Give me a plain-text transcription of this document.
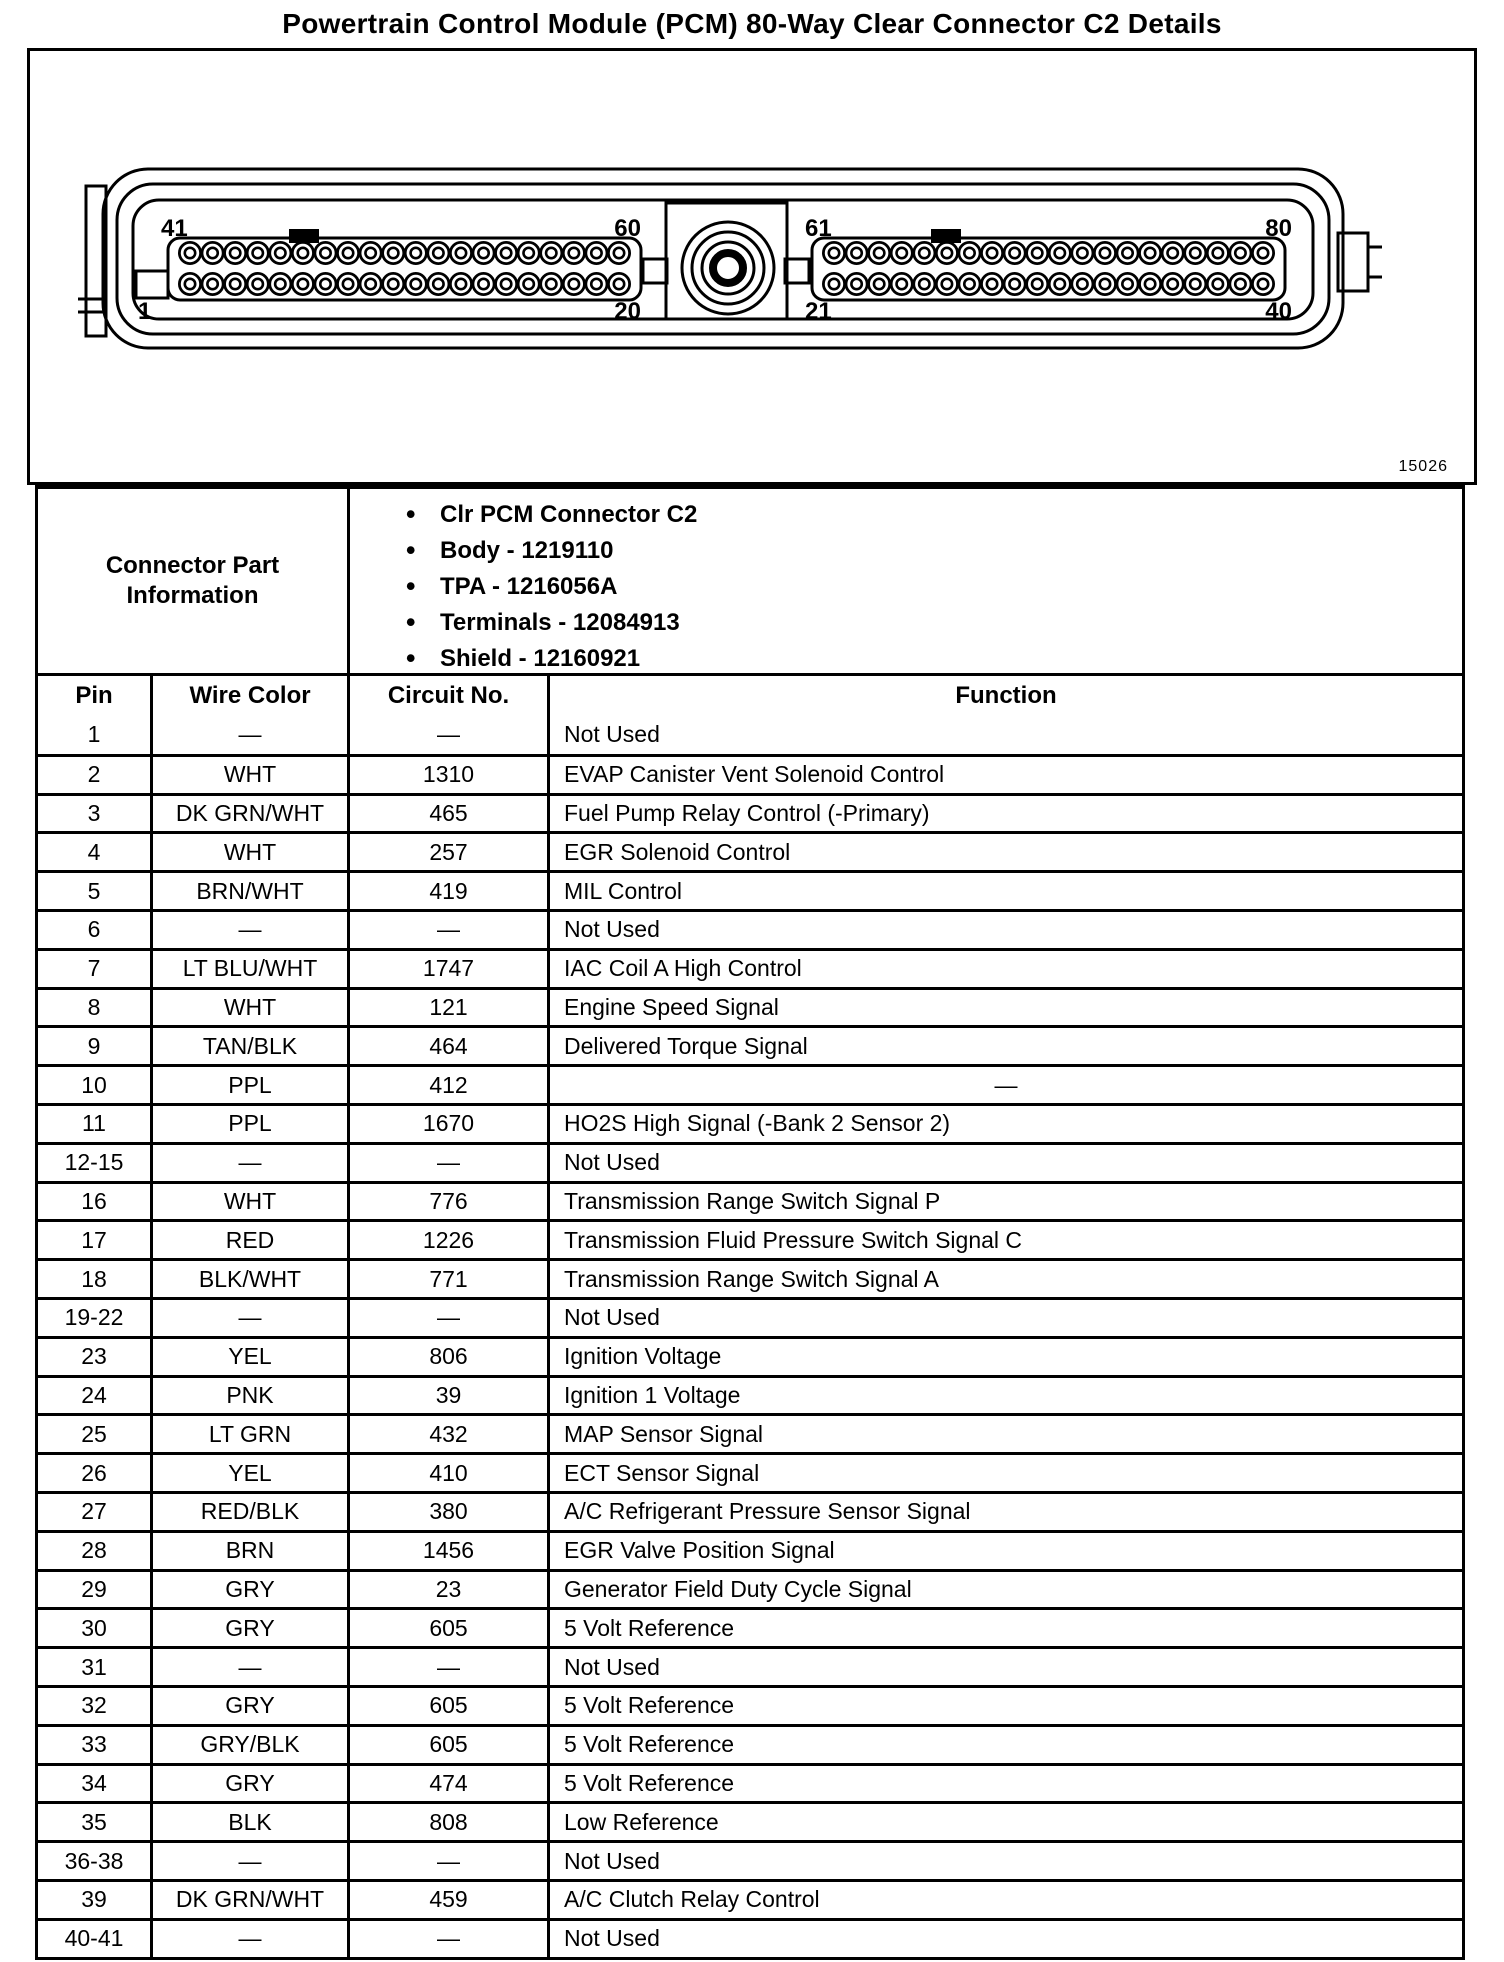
Powertrain Control Module (PCM) 80-Way Clear Connector C2 Details
41	60
1	20
61	80
21	40
15026
Connector Part Information
• Clr PCM Connector C2
• Body - 1219110
• TPA - 1216056A
• Terminals - 12084913
• Shield - 12160921
Pin	Wire Color	Circuit No.	Function
1	—	—	Not Used
2	WHT	1310	EVAP Canister Vent Solenoid Control
3	DK GRN/WHT	465	Fuel Pump Relay Control (-Primary)
4	WHT	257	EGR Solenoid Control
5	BRN/WHT	419	MIL Control
6	—	—	Not Used
7	LT BLU/WHT	1747	IAC Coil A High Control
8	WHT	121	Engine Speed Signal
9	TAN/BLK	464	Delivered Torque Signal
10	PPL	412	—
11	PPL	1670	HO2S High Signal (-Bank 2 Sensor 2)
12-15	—	—	Not Used
16	WHT	776	Transmission Range Switch Signal P
17	RED	1226	Transmission Fluid Pressure Switch Signal C
18	BLK/WHT	771	Transmission Range Switch Signal A
19-22	—	—	Not Used
23	YEL	806	Ignition Voltage
24	PNK	39	Ignition 1 Voltage
25	LT GRN	432	MAP Sensor Signal
26	YEL	410	ECT Sensor Signal
27	RED/BLK	380	A/C Refrigerant Pressure Sensor Signal
28	BRN	1456	EGR Valve Position Signal
29	GRY	23	Generator Field Duty Cycle Signal
30	GRY	605	5 Volt Reference
31	—	—	Not Used
32	GRY	605	5 Volt Reference
33	GRY/BLK	605	5 Volt Reference
34	GRY	474	5 Volt Reference
35	BLK	808	Low Reference
36-38	—	—	Not Used
39	DK GRN/WHT	459	A/C Clutch Relay Control
40-41	—	—	Not Used
